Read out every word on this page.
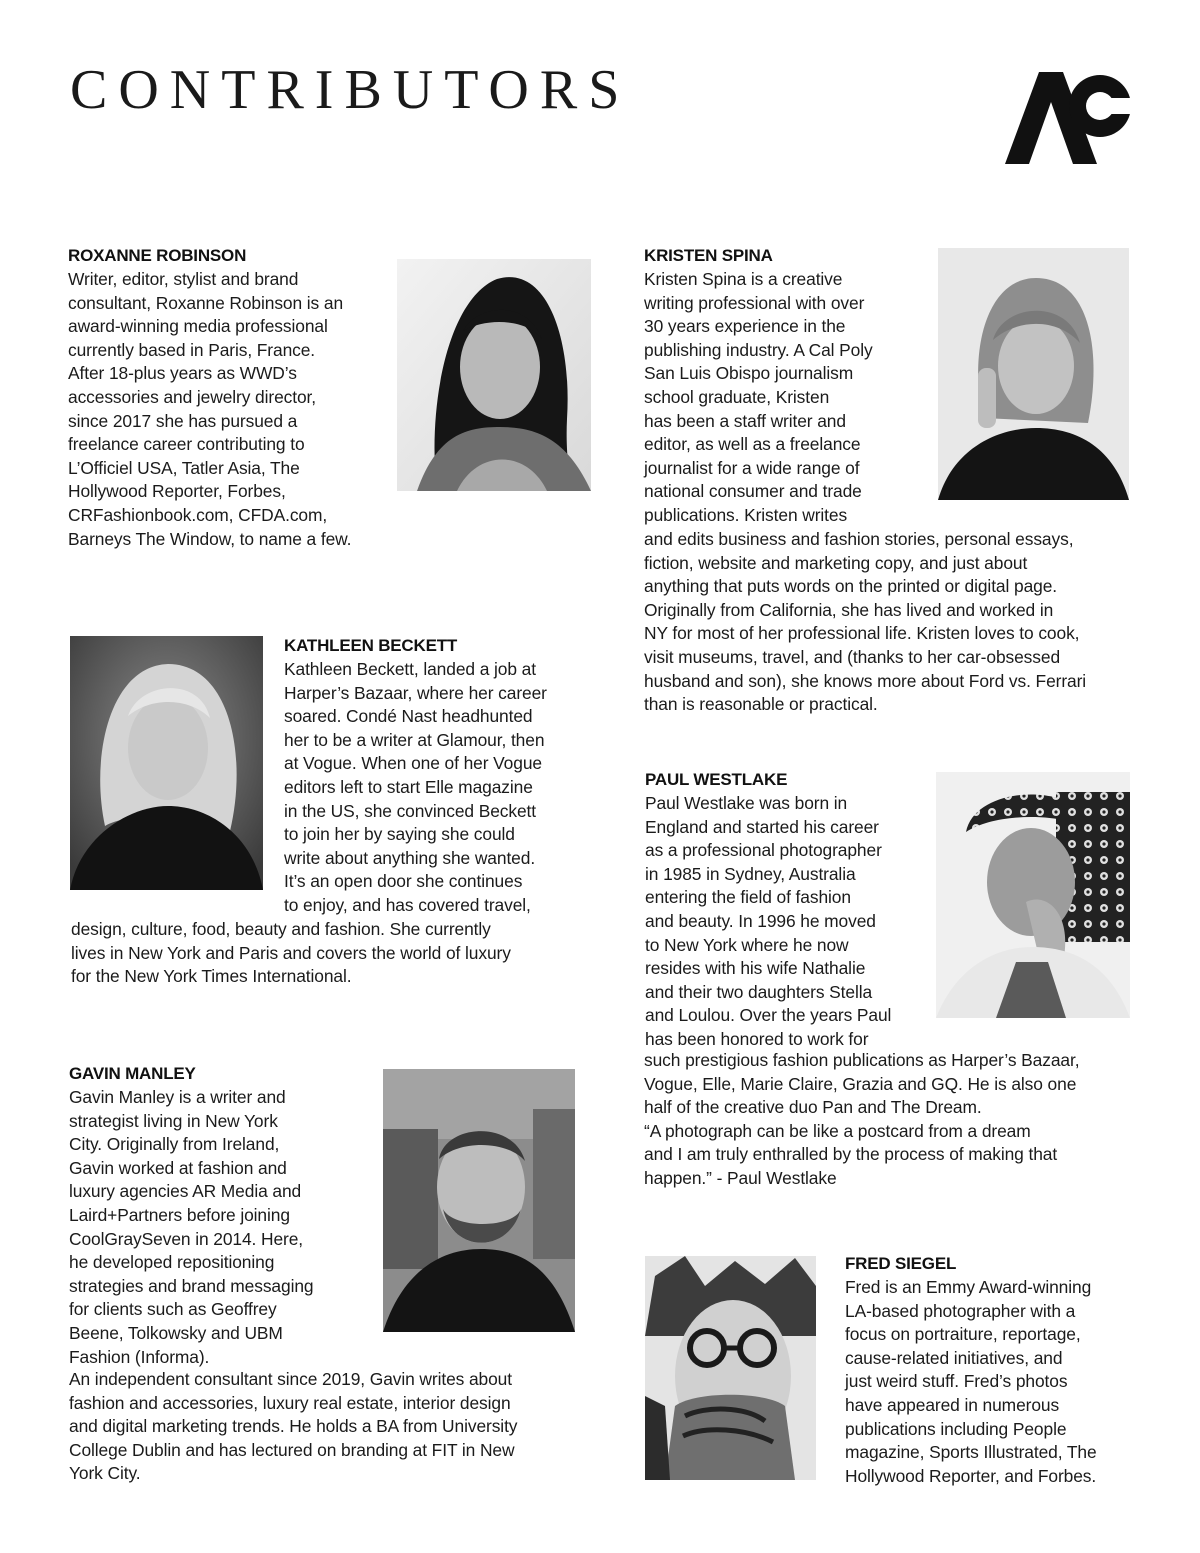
CONTRIBUTORS
ROXANNE ROBINSON
Writer, editor, stylist and brand
consultant, Roxanne Robinson is an
award-winning media professional
currently based in Paris, France.
After 18-plus years as WWD’s
accessories and jewelry director,
since 2017 she has pursued a
freelance career contributing to
L’Officiel USA, Tatler Asia, The
Hollywood Reporter, Forbes,
CRFashionbook.com, CFDA.com,
Barneys The Window, to name a few.
KATHLEEN BECKETT
Kathleen Beckett, landed a job at
Harper’s Bazaar, where her career
soared. Condé Nast headhunted
her to be a writer at Glamour, then
at Vogue. When one of her Vogue
editors left to start Elle magazine
in the US, she convinced Beckett
to join her by saying she could
write about anything she wanted.
It’s an open door she continues
to enjoy, and has covered travel,
design, culture, food, beauty and fashion. She currently
lives in New York and Paris and covers the world of luxury
for the New York Times International.
GAVIN MANLEY
Gavin Manley is a writer and
strategist living in New York
City. Originally from Ireland,
Gavin worked at fashion and
luxury agencies AR Media and
Laird+Partners before joining
CoolGraySeven in 2014. Here,
he developed repositioning
strategies and brand messaging
for clients such as Geoffrey
Beene, Tolkowsky and UBM
Fashion (Informa).
An independent consultant since 2019, Gavin writes about
fashion and accessories, luxury real estate, interior design
and digital marketing trends. He holds a BA from University
College Dublin and has lectured on branding at FIT in New
York City.
KRISTEN SPINA
Kristen Spina is a creative
writing professional with over
30 years experience in the
publishing industry. A Cal Poly
San Luis Obispo journalism
school graduate, Kristen
has been a staff writer and
editor, as well as a freelance
journalist for a wide range of
national consumer and trade
publications. Kristen writes
and edits business and fashion stories, personal essays,
fiction, website and marketing copy, and just about
anything that puts words on the printed or digital page.
Originally from California, she has lived and worked in
NY for most of her professional life. Kristen loves to cook,
visit museums, travel, and (thanks to her car-obsessed
husband and son), she knows more about Ford vs. Ferrari
than is reasonable or practical.
PAUL WESTLAKE
Paul Westlake was born in
England and started his career
as a professional photographer
in 1985 in Sydney, Australia
entering the field of fashion
and beauty. In 1996 he moved
to New York where he now
resides with his wife Nathalie
and their two daughters Stella
and Loulou. Over the years Paul
has been honored to work for
such prestigious fashion publications as Harper’s Bazaar,
Vogue, Elle, Marie Claire, Grazia and GQ. He is also one
half of the creative duo Pan and The Dream.
“A photograph can be like a postcard from a dream
and I am truly enthralled by the process of making that
happen.” - Paul Westlake
FRED SIEGEL
Fred is an Emmy Award-winning
LA-based photographer with a
focus on portraiture, reportage,
cause-related initiatives, and
just weird stuff. Fred’s photos
have appeared in numerous
publications including People
magazine, Sports Illustrated, The
Hollywood Reporter, and Forbes.
